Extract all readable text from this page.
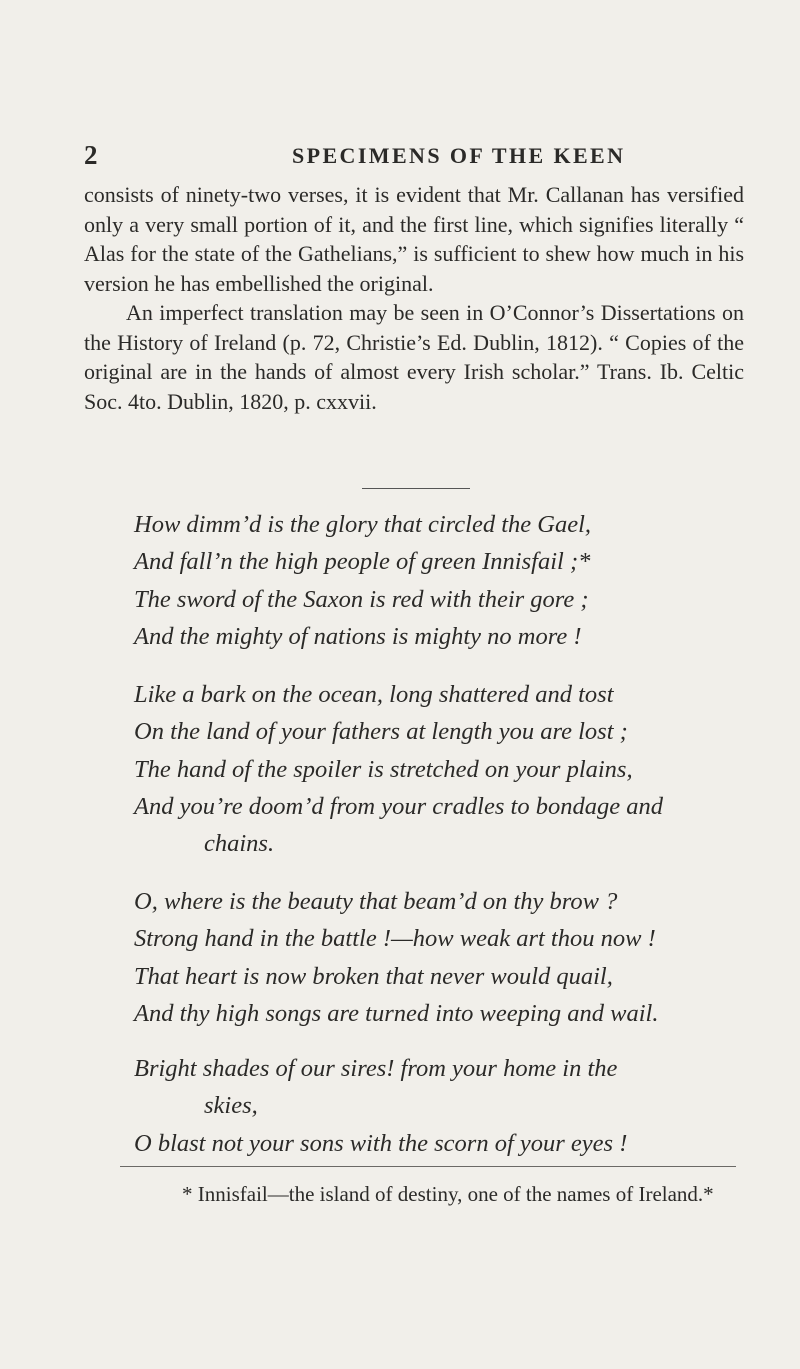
2	SPECIMENS OF THE KEEN

consists of ninety-two verses, it is evident that Mr. Callanan has versified only a very small portion of it, and the first line, which signifies literally “ Alas for the state of the Gathelians,” is sufficient to shew how much in his version he has embellished the original.

An imperfect translation may be seen in O’Connor’s Dissertations on the History of Ireland (p. 72, Christie’s Ed. Dublin, 1812). “ Copies of the original are in the hands of almost every Irish scholar.” Trans. Ib. Celtic Soc. 4to. Dublin, 1820, p. cxxvii.

How dimm’d is the glory that circled the Gael,
And fall’n the high people of green Innisfail ;*
The sword of the Saxon is red with their gore ;
And the mighty of nations is mighty no more !
Like a bark on the ocean, long shattered and tost
On the land of your fathers at length you are lost ;
The hand of the spoiler is stretched on your plains,
And you’re doom’d from your cradles to bondage and
chains.
O, where is the beauty that beam’d on thy brow ?
Strong hand in the battle !—how weak art thou now !
That heart is now broken that never would quail,
And thy high songs are turned into weeping and wail.
Bright shades of our sires! from your home in the
skies,
O blast not your sons with the scorn of your eyes !
* Innisfail—the island of destiny, one of the names of Ireland.*
